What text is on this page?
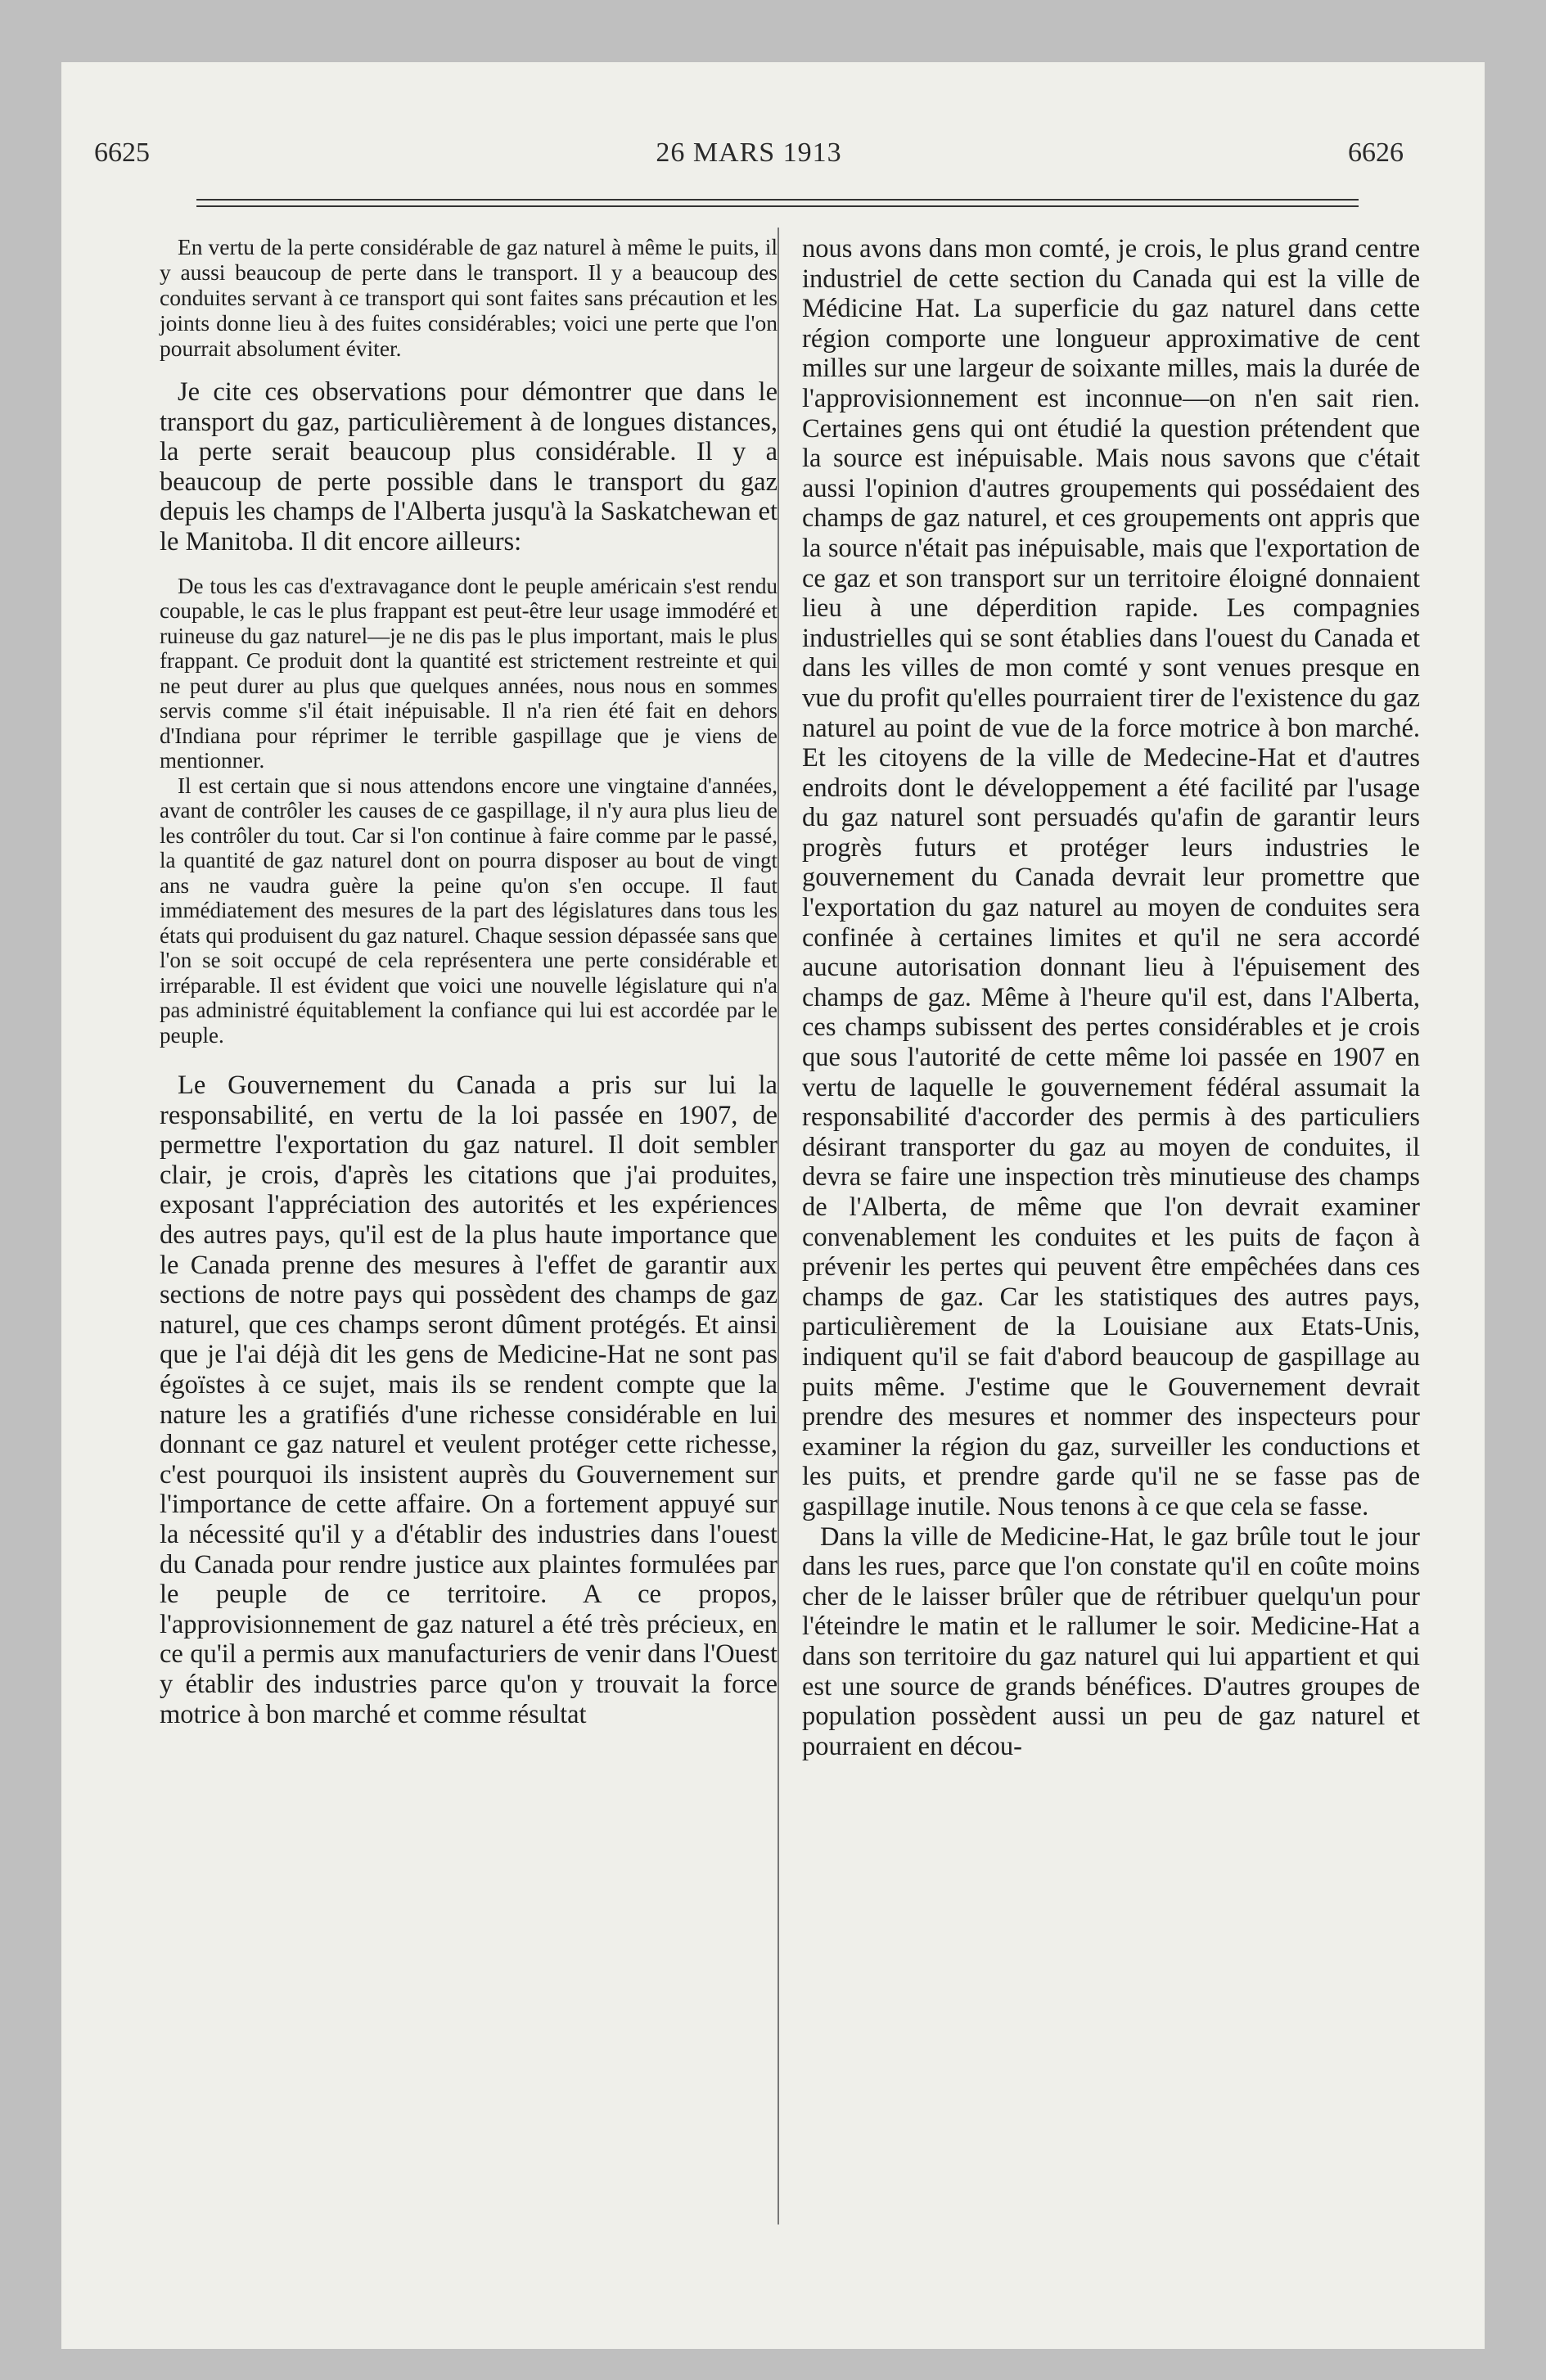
6625	26 MARS 1913	6626

En vertu de la perte considérable de gaz naturel à même le puits, il y aussi beaucoup de perte dans le transport. Il y a beaucoup des conduites servant à ce transport qui sont faites sans précaution et les joints donne lieu à des fuites considérables; voici une perte que l'on pourrait absolument éviter.

Je cite ces observations pour démontrer que dans le transport du gaz, particulièrement à de longues distances, la perte serait beaucoup plus considérable. Il y a beaucoup de perte possible dans le transport du gaz depuis les champs de l'Alberta jusqu'à la Saskatchewan et le Manitoba. Il dit encore ailleurs:

De tous les cas d'extravagance dont le peuple américain s'est rendu coupable, le cas le plus frappant est peut-être leur usage immodéré et ruineuse du gaz naturel—je ne dis pas le plus important, mais le plus frappant. Ce produit dont la quantité est strictement restreinte et qui ne peut durer au plus que quelques années, nous nous en sommes servis comme s'il était inépuisable. Il n'a rien été fait en dehors d'Indiana pour réprimer le terrible gaspillage que je viens de mentionner.

Il est certain que si nous attendons encore une vingtaine d'années, avant de contrôler les causes de ce gaspillage, il n'y aura plus lieu de les contrôler du tout. Car si l'on continue à faire comme par le passé, la quantité de gaz naturel dont on pourra disposer au bout de vingt ans ne vaudra guère la peine qu'on s'en occupe. Il faut immédiatement des mesures de la part des législatures dans tous les états qui produisent du gaz naturel. Chaque session dépassée sans que l'on se soit occupé de cela représentera une perte considérable et irréparable. Il est évident que voici une nouvelle législature qui n'a pas administré équitablement la confiance qui lui est accordée par le peuple.

Le Gouvernement du Canada a pris sur lui la responsabilité, en vertu de la loi passée en 1907, de permettre l'exportation du gaz naturel. Il doit sembler clair, je crois, d'après les citations que j'ai produites, exposant l'appréciation des autorités et les expériences des autres pays, qu'il est de la plus haute importance que le Canada prenne des mesures à l'effet de garantir aux sections de notre pays qui possèdent des champs de gaz naturel, que ces champs seront dûment protégés. Et ainsi que je l'ai déjà dit les gens de Medicine-Hat ne sont pas égoïstes à ce sujet, mais ils se rendent compte que la nature les a gratifiés d'une richesse considérable en lui donnant ce gaz naturel et veulent protéger cette richesse, c'est pourquoi ils insistent auprès du Gouvernement sur l'importance de cette affaire. On a fortement appuyé sur la nécessité qu'il y a d'établir des industries dans l'ouest du Canada pour rendre justice aux plaintes formulées par le peuple de ce territoire. A ce propos, l'approvisionnement de gaz naturel a été très précieux, en ce qu'il a permis aux manufacturiers de venir dans l'Ouest y établir des industries parce qu'on y trouvait la force motrice à bon marché et comme résultat

nous avons dans mon comté, je crois, le plus grand centre industriel de cette section du Canada qui est la ville de Médicine Hat. La superficie du gaz naturel dans cette région comporte une longueur approximative de cent milles sur une largeur de soixante milles, mais la durée de l'approvisionnement est inconnue—on n'en sait rien. Certaines gens qui ont étudié la question prétendent que la source est inépuisable. Mais nous savons que c'était aussi l'opinion d'autres groupements qui possédaient des champs de gaz naturel, et ces groupements ont appris que la source n'était pas inépuisable, mais que l'exportation de ce gaz et son transport sur un territoire éloigné donnaient lieu à une déperdition rapide. Les compagnies industrielles qui se sont établies dans l'ouest du Canada et dans les villes de mon comté y sont venues presque en vue du profit qu'elles pourraient tirer de l'existence du gaz naturel au point de vue de la force motrice à bon marché. Et les citoyens de la ville de Medecine-Hat et d'autres endroits dont le développement a été facilité par l'usage du gaz naturel sont persuadés qu'afin de garantir leurs progrès futurs et protéger leurs industries le gouvernement du Canada devrait leur promettre que l'exportation du gaz naturel au moyen de conduites sera confinée à certaines limites et qu'il ne sera accordé aucune autorisation donnant lieu à l'épuisement des champs de gaz. Même à l'heure qu'il est, dans l'Alberta, ces champs subissent des pertes considérables et je crois que sous l'autorité de cette même loi passée en 1907 en vertu de laquelle le gouvernement fédéral assumait la responsabilité d'accorder des permis à des particuliers désirant transporter du gaz au moyen de conduites, il devra se faire une inspection très minutieuse des champs de l'Alberta, de même que l'on devrait examiner convenablement les conduites et les puits de façon à prévenir les pertes qui peuvent être empêchées dans ces champs de gaz. Car les statistiques des autres pays, particulièrement de la Louisiane aux Etats-Unis, indiquent qu'il se fait d'abord beaucoup de gaspillage au puits même. J'estime que le Gouvernement devrait prendre des mesures et nommer des inspecteurs pour examiner la région du gaz, surveiller les conductions et les puits, et prendre garde qu'il ne se fasse pas de gaspillage inutile. Nous tenons à ce que cela se fasse.

Dans la ville de Medicine-Hat, le gaz brûle tout le jour dans les rues, parce que l'on constate qu'il en coûte moins cher de le laisser brûler que de rétribuer quelqu'un pour l'éteindre le matin et le rallumer le soir. Medicine-Hat a dans son territoire du gaz naturel qui lui appartient et qui est une source de grands bénéfices. D'autres groupes de population possèdent aussi un peu de gaz naturel et pourraient en décou-
